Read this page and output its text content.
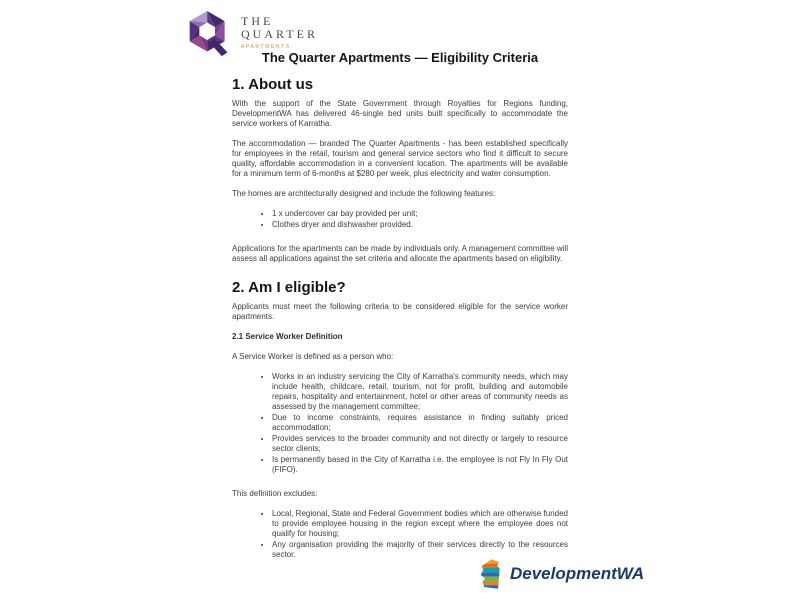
THE
QUARTER
APARTMENTS
The Quarter Apartments — Eligibility Criteria
1. About us

With the support of the State Government through Royalties for Regions funding, DevelopmentWA has delivered 46-single bed units built specifically to accommodate the service workers of Karratha.

The accommodation — branded The Quarter Apartments - has been established specifically for employees in the retail, tourism and general service sectors who find it difficult to secure quality, affordable accommodation in a convenient location. The apartments will be available for a minimum term of 6-months at $280 per week, plus electricity and water consumption.

The homes are architecturally designed and include the following features:

• 1 x undercover car bay provided per unit;
• Clothes dryer and dishwasher provided.

Applications for the apartments can be made by individuals only. A management committee will assess all applications against the set criteria and allocate the apartments based on eligibility.

2. Am I eligible?

Applicants must meet the following criteria to be considered eligible for the service worker apartments.

2.1 Service Worker Definition

A Service Worker is defined as a person who:

• Works in an industry servicing the City of Karratha's community needs, which may include health, childcare, retail, tourism, not for profit, building and automobile repairs, hospitality and entertainment, hotel or other areas of community needs as assessed by the management committee;
• Due to income constraints, requires assistance in finding suitably priced accommodation;
• Provides services to the broader community and not directly or largely to resource sector clients;
• Is permanently based in the City of Karratha i.e. the employee is not Fly In Fly Out (FIFO).

This definition excludes:

• Local, Regional, State and Federal Government bodies which are otherwise funded to provide employee housing in the region except where the employee does not qualify for housing;
• Any organisation providing the majority of their services directly to the resources sector.
DevelopmentWA
